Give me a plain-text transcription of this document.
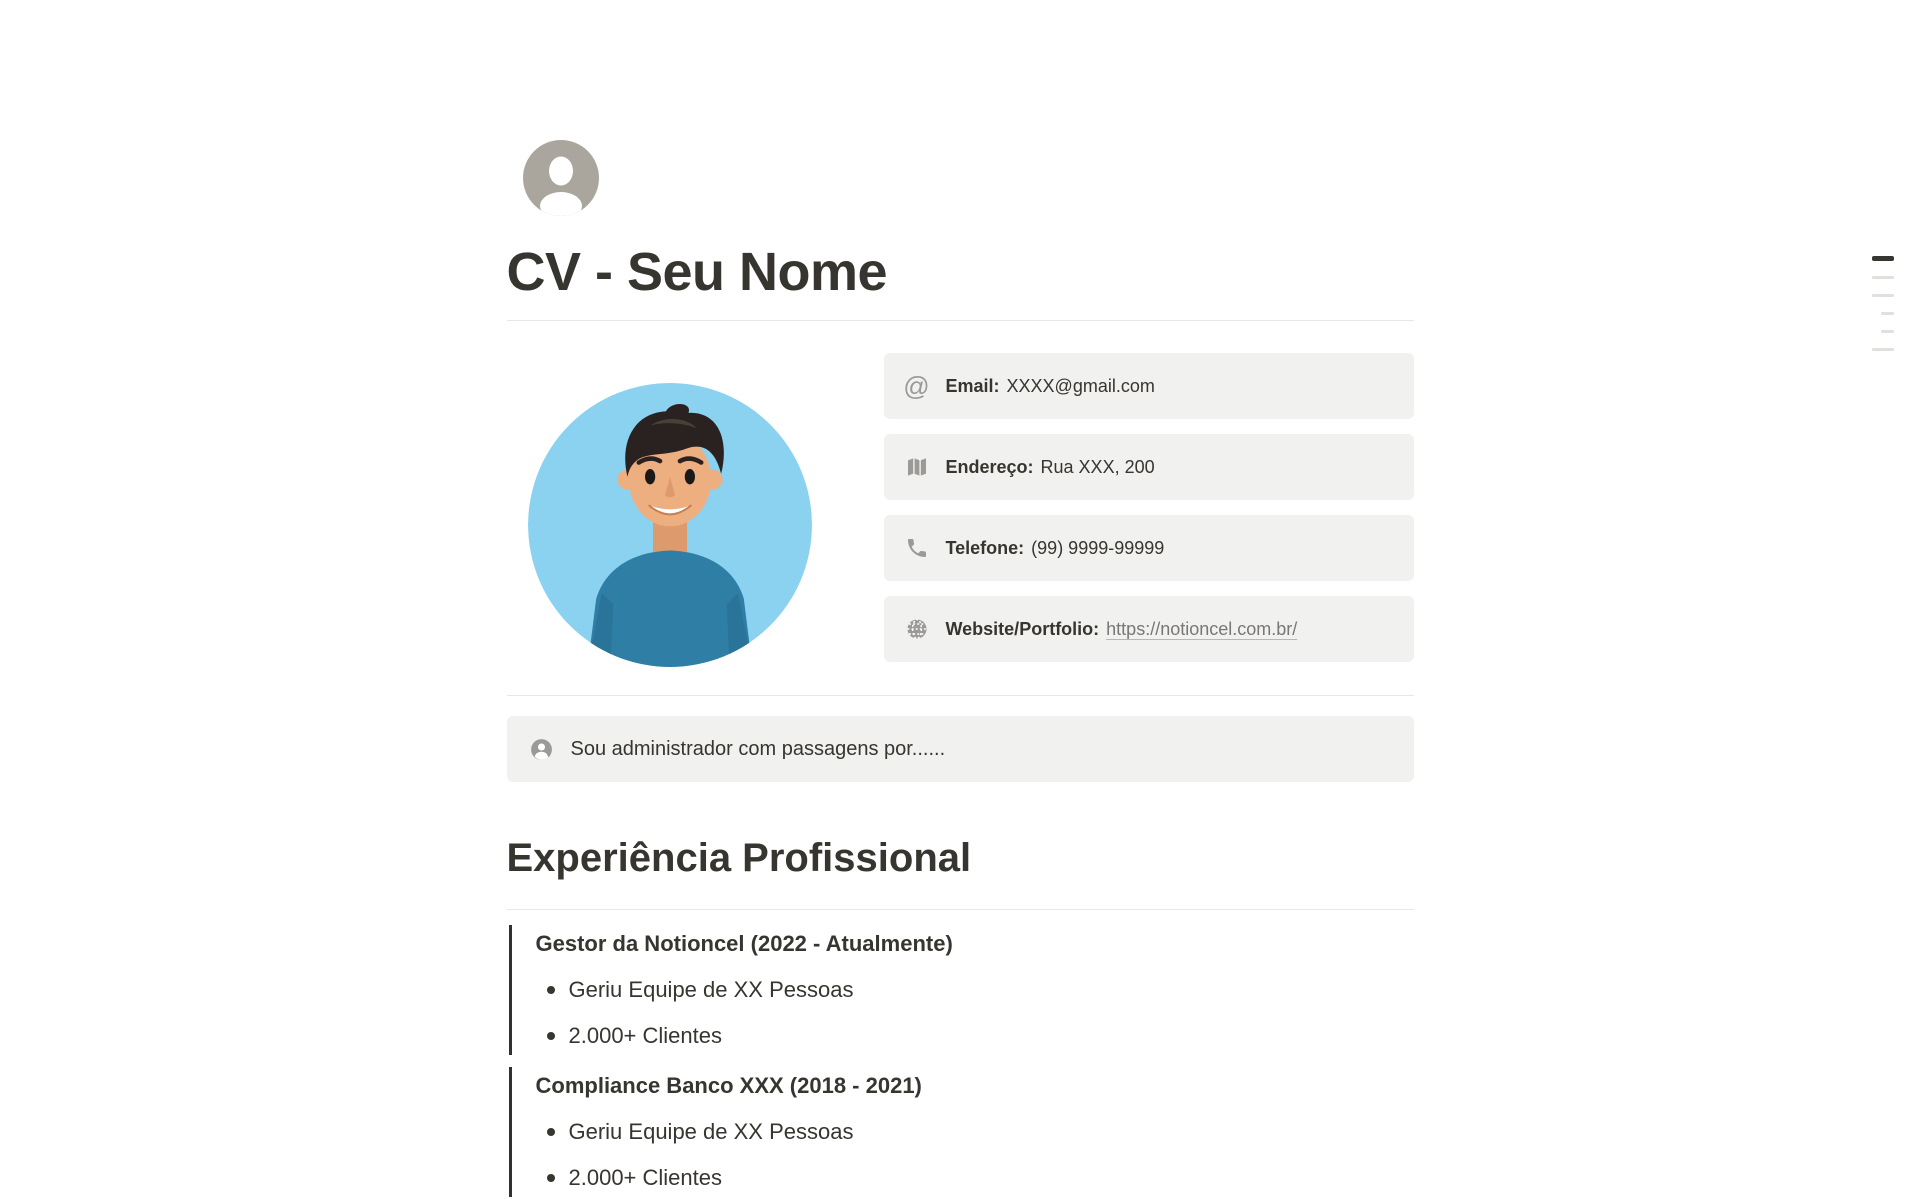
CV - Seu Nome
@ Email: XXXX@gmail.com
Endereço: Rua XXX, 200
Telefone: (99) 9999-99999
Website/Portfolio: https://notioncel.com.br/
Sou administrador com passagens por......
Experiência Profissional
Gestor da Notioncel (2022 - Atualmente)
Geriu Equipe de XX Pessoas
2.000+ Clientes
Compliance Banco XXX (2018 - 2021)
Geriu Equipe de XX Pessoas
2.000+ Clientes
